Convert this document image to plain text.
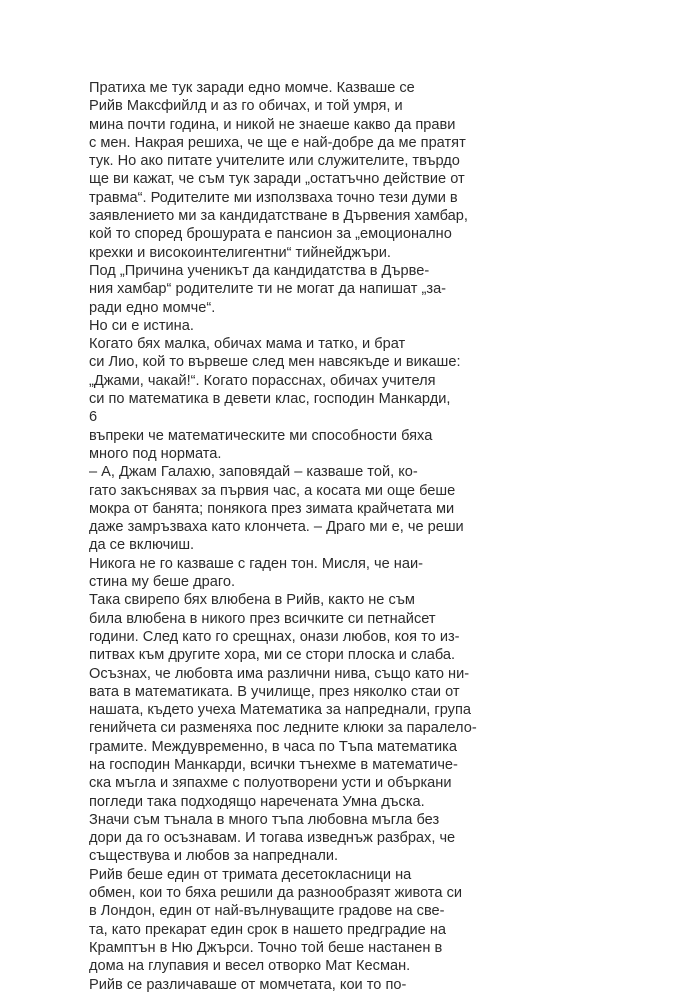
Пратиха ме тук заради едно момче. Казваше се
Рийв Максфийлд и аз го обичах, и той умря, и
мина почти година, и никой не знаеше какво да прави
с мен. Накрая решиха, че ще е най-добре да ме пратят
тук. Но ако питате учителите или служителите, твърдо
ще ви кажат, че съм тук заради „остатъчно действие от
травма“. Родителите ми използваха точно тези думи в
заявлението ми за кандидатстване в Дървения хамбар,
кой то според брошурата е пансион за „емоционално
крехки и високоинтелигентни“ тийнейджъри.
Под „Причина ученикът да кандидатства в Дърве-
ния хамбар“ родителите ти не могат да напишат „за-
ради едно момче“.
Но си е истина.
Когато бях малка, обичах мама и татко, и брат
си Лио, кой то вървеше след мен навсякъде и викаше:
„Джами, чакай!“. Когато порасснах, обичах учителя
си по математика в девети клас, господин Манкарди,
6
въпреки че математическите ми способности бяха
много под нормата.
– А, Джам Галахю, заповядай – казваше той, ко-
гато закъснявах за първия час, а косата ми още беше
мокра от банята; понякога през зимата крайчетата ми
даже замръзваха като клончета. – Драго ми е, че реши
да се включиш.
Никога не го казваше с гаден тон. Мисля, че наи-
стина му беше драго.
Така свирепо бях влюбена в Рийв, както не съм
била влюбена в никого през всичките си петнайсет
години. След като го срещнах, онази любов, коя то из-
питвах към другите хора, ми се стори плоска и слаба.
Осъзнах, че любовта има различни нива, също като ни-
вата в математиката. В училище, през няколко стаи от
нашата, където учеха Математика за напреднали, група
генийчета си разменяха пос ледните клюки за паралело-
грамите. Междувременно, в часа по Тъпа математика
на господин Манкарди, всички тънехме в математиче-
ска мъгла и зяпахме с полуотворени усти и объркани
погледи така подходящо наречената Умна дъска.
Значи съм тънала в много тъпа любовна мъгла без
дори да го осъзнавам. И тогава изведнъж разбрах, че
съществува и любов за напреднали.
Рийв беше един от тримата десетокласници на
обмен, кои то бяха решили да разнообразят живота си
в Лондон, един от най-вълнуващите градове на све-
та, като прекарат един срок в нашето предградие на
Крамптън в Ню Джърси. Точно той беше настанен в
дома на глупавия и весел отворко Мат Кесман.
Рийв се различаваше от момчетата, кои то по-
